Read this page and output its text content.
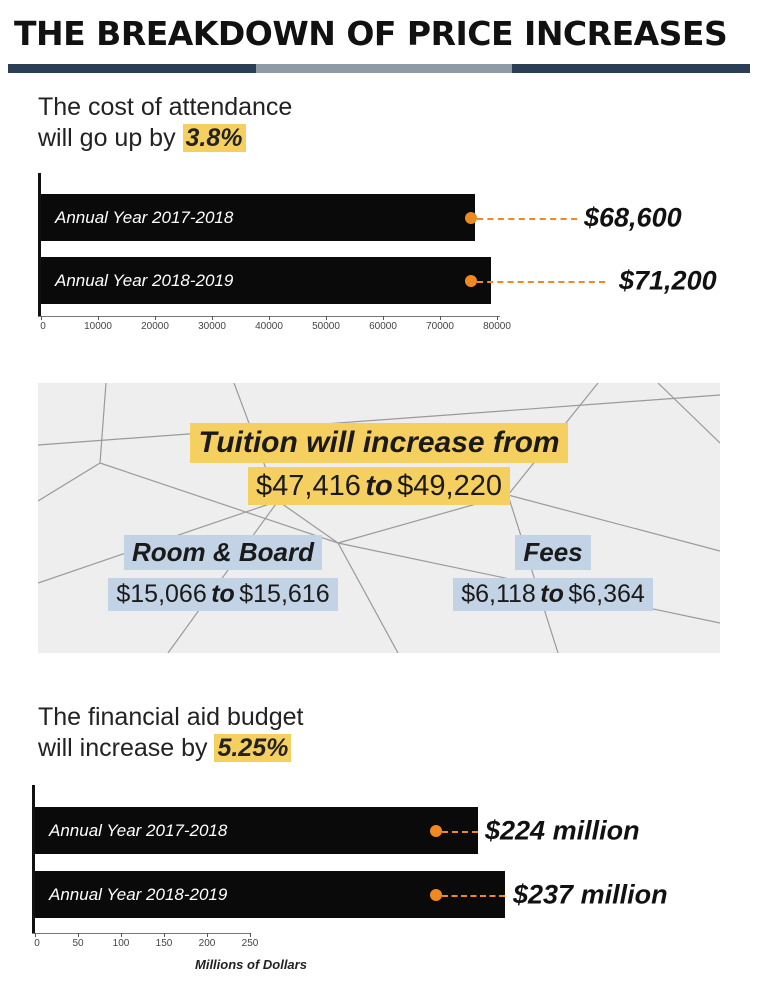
THE BREAKDOWN OF PRICE INCREASES
The cost of attendance
will go up by 3.8%
Annual Year 2017-2018	$68,600
Annual Year 2018-2019	$71,200
0	10000	20000	30000	40000	50000	60000	70000	80000
Tuition will increase from
$47,416 to $49,220
Room & Board
$15,066 to $15,616
Fees
$6,118 to $6,364
The financial aid budget
will increase by 5.25%
Annual Year 2017-2018	$224 million
Annual Year 2018-2019	$237 million
0	50	100	150	200	250
Millions of Dollars
